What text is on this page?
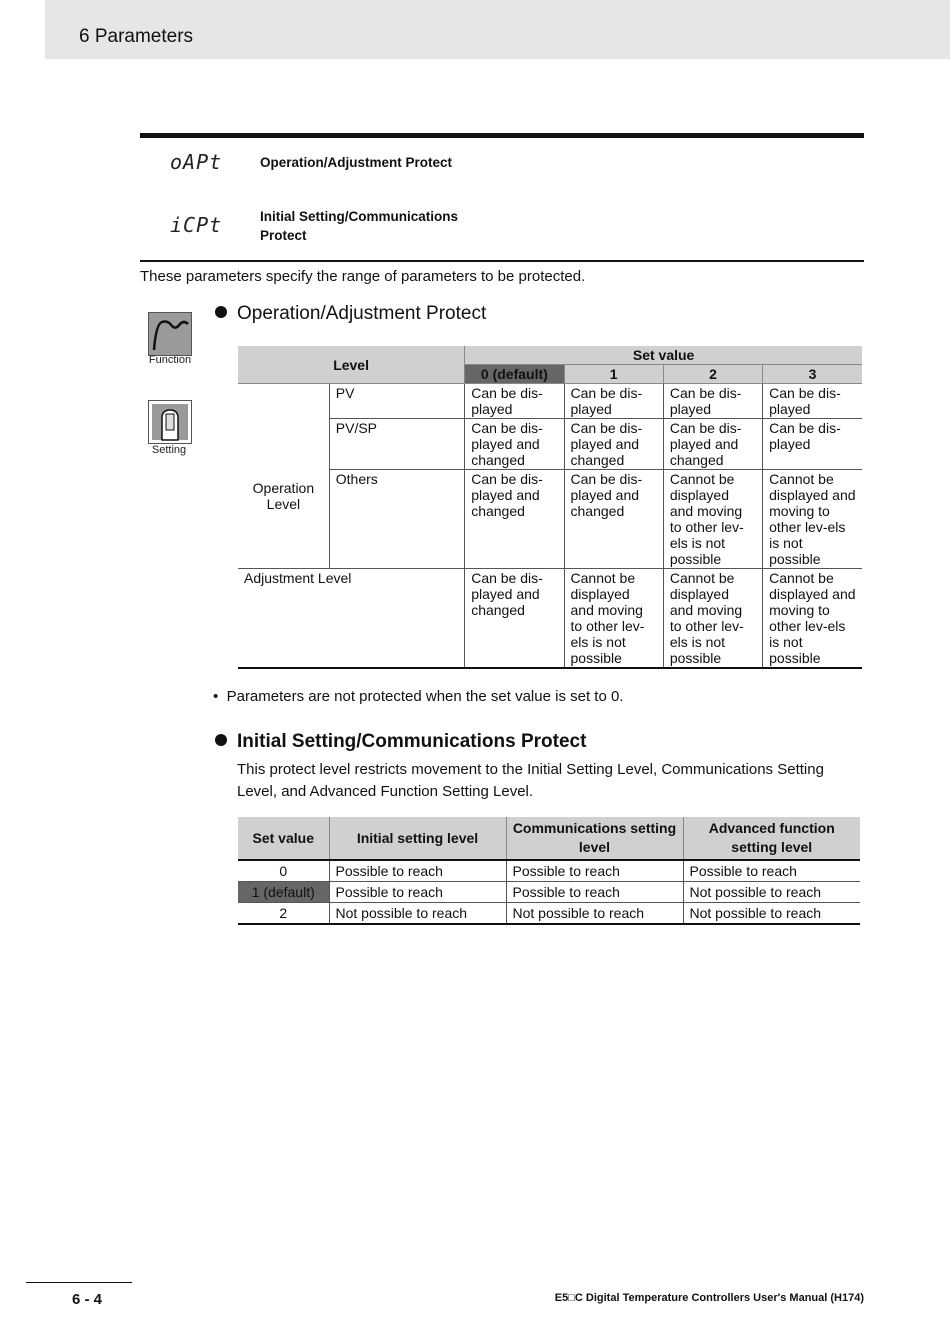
6 Parameters
oAPt	Operation/Adjustment Protect
iCPt	Initial Setting/Communications Protect
These parameters specify the range of parameters to be protected.
Function
Setting
Operation/Adjustment Protect
Level		Set value			
		0 (default)	1	2	3
Operation Level	PV	Can be dis-played	Can be dis-played	Can be dis-played	Can be dis-played
	PV/SP	Can be dis-played and changed	Can be dis-played and changed	Can be dis-played and changed	Can be dis-played
	Others	Can be dis-played and changed	Can be dis-played and changed	Cannot be displayed and moving to other lev-els is not possible	Cannot be displayed and moving to other lev-els is not possible
Adjustment Level		Can be dis-played and changed	Cannot be displayed and moving to other lev-els is not possible	Cannot be displayed and moving to other lev-els is not possible	Cannot be displayed and moving to other lev-els is not possible
•  Parameters are not protected when the set value is set to 0.
Initial Setting/Communications Protect
This protect level restricts movement to the Initial Setting Level, Communications Setting Level, and Advanced Function Setting Level.
Set value	Initial setting level	Communications setting level	Advanced function setting level
0	Possible to reach	Possible to reach	Possible to reach
1 (default)	Possible to reach	Possible to reach	Not possible to reach
2	Not possible to reach	Not possible to reach	Not possible to reach
6 - 4	E5□C Digital Temperature Controllers User's Manual (H174)
